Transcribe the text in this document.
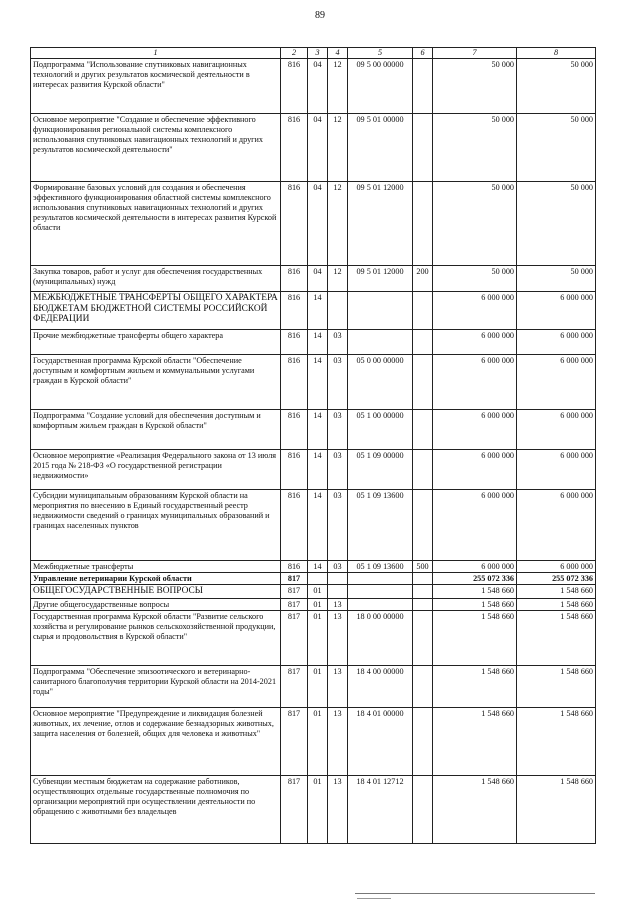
89
1	2	3	4	5	6	7	8
Подпрограмма "Использование спутниковых навигационных технологий и других результатов космической деятельности в интересах развития Курской области"	816	04	12	09 5 00 00000		50 000	50 000
Основное мероприятие "Создание и обеспечение эффективного функционирования региональной системы комплексного использования спутниковых навигационных технологий и других результатов космической деятельности"	816	04	12	09 5 01 00000		50 000	50 000
Формирование базовых условий для создания и обеспечения эффективного функционирования областной системы комплексного использования спутниковых навигационных технологий и других результатов космической деятельности в интересах развития Курской области	816	04	12	09 5 01 12000		50 000	50 000
Закупка товаров, работ и услуг для обеспечения государственных (муниципальных) нужд	816	04	12	09 5 01 12000	200	50 000	50 000
МЕЖБЮДЖЕТНЫЕ ТРАНСФЕРТЫ ОБЩЕГО ХАРАКТЕРА БЮДЖЕТАМ БЮДЖЕТНОЙ СИСТЕМЫ РОССИЙСКОЙ ФЕДЕРАЦИИ	816	14				6 000 000	6 000 000
Прочие межбюджетные трансферты общего характера	816	14	03			6 000 000	6 000 000
Государственная программа Курской области "Обеспечение доступным и комфортным жильем и коммунальными услугами граждан в Курской области"	816	14	03	05 0 00 00000		6 000 000	6 000 000
Подпрограмма "Создание условий для обеспечения доступным и комфортным жильем граждан в Курской области"	816	14	03	05 1 00 00000		6 000 000	6 000 000
Основное мероприятие «Реализация Федерального закона от 13 июля 2015 года № 218-ФЗ «О государственной регистрации недвижимости»	816	14	03	05 1 09 00000		6 000 000	6 000 000
Субсидии муниципальным образованиям Курской области на мероприятия по внесению в Единый государственный реестр недвижимости сведений о границах муниципальных образований и границах населенных пунктов	816	14	03	05 1 09 13600		6 000 000	6 000 000
Межбюджетные трансферты	816	14	03	05 1 09 13600	500	6 000 000	6 000 000
Управление ветеринарии Курской области	817					255 072 336	255 072 336
ОБЩЕГОСУДАРСТВЕННЫЕ ВОПРОСЫ	817	01				1 548 660	1 548 660
Другие общегосударственные вопросы	817	01	13			1 548 660	1 548 660
Государственная программа Курской области "Развитие сельского хозяйства и регулирование рынков сельскохозяйственной продукции, сырья и продовольствия в Курской области"	817	01	13	18 0 00 00000		1 548 660	1 548 660
Подпрограмма "Обеспечение эпизоотического и ветеринарно-санитарного благополучия территории Курской области на 2014-2021 годы"	817	01	13	18 4 00 00000		1 548 660	1 548 660
Основное мероприятие "Предупреждение и ликвидация болезней животных, их лечение, отлов и содержание безнадзорных животных, защита населения от болезней, общих для человека и животных"	817	01	13	18 4 01 00000		1 548 660	1 548 660
Субвенции местным бюджетам на содержание работников, осуществляющих отдельные государственные полномочия по организации мероприятий при осуществлении деятельности по обращению с животными без владельцев	817	01	13	18 4 01 12712		1 548 660	1 548 660
